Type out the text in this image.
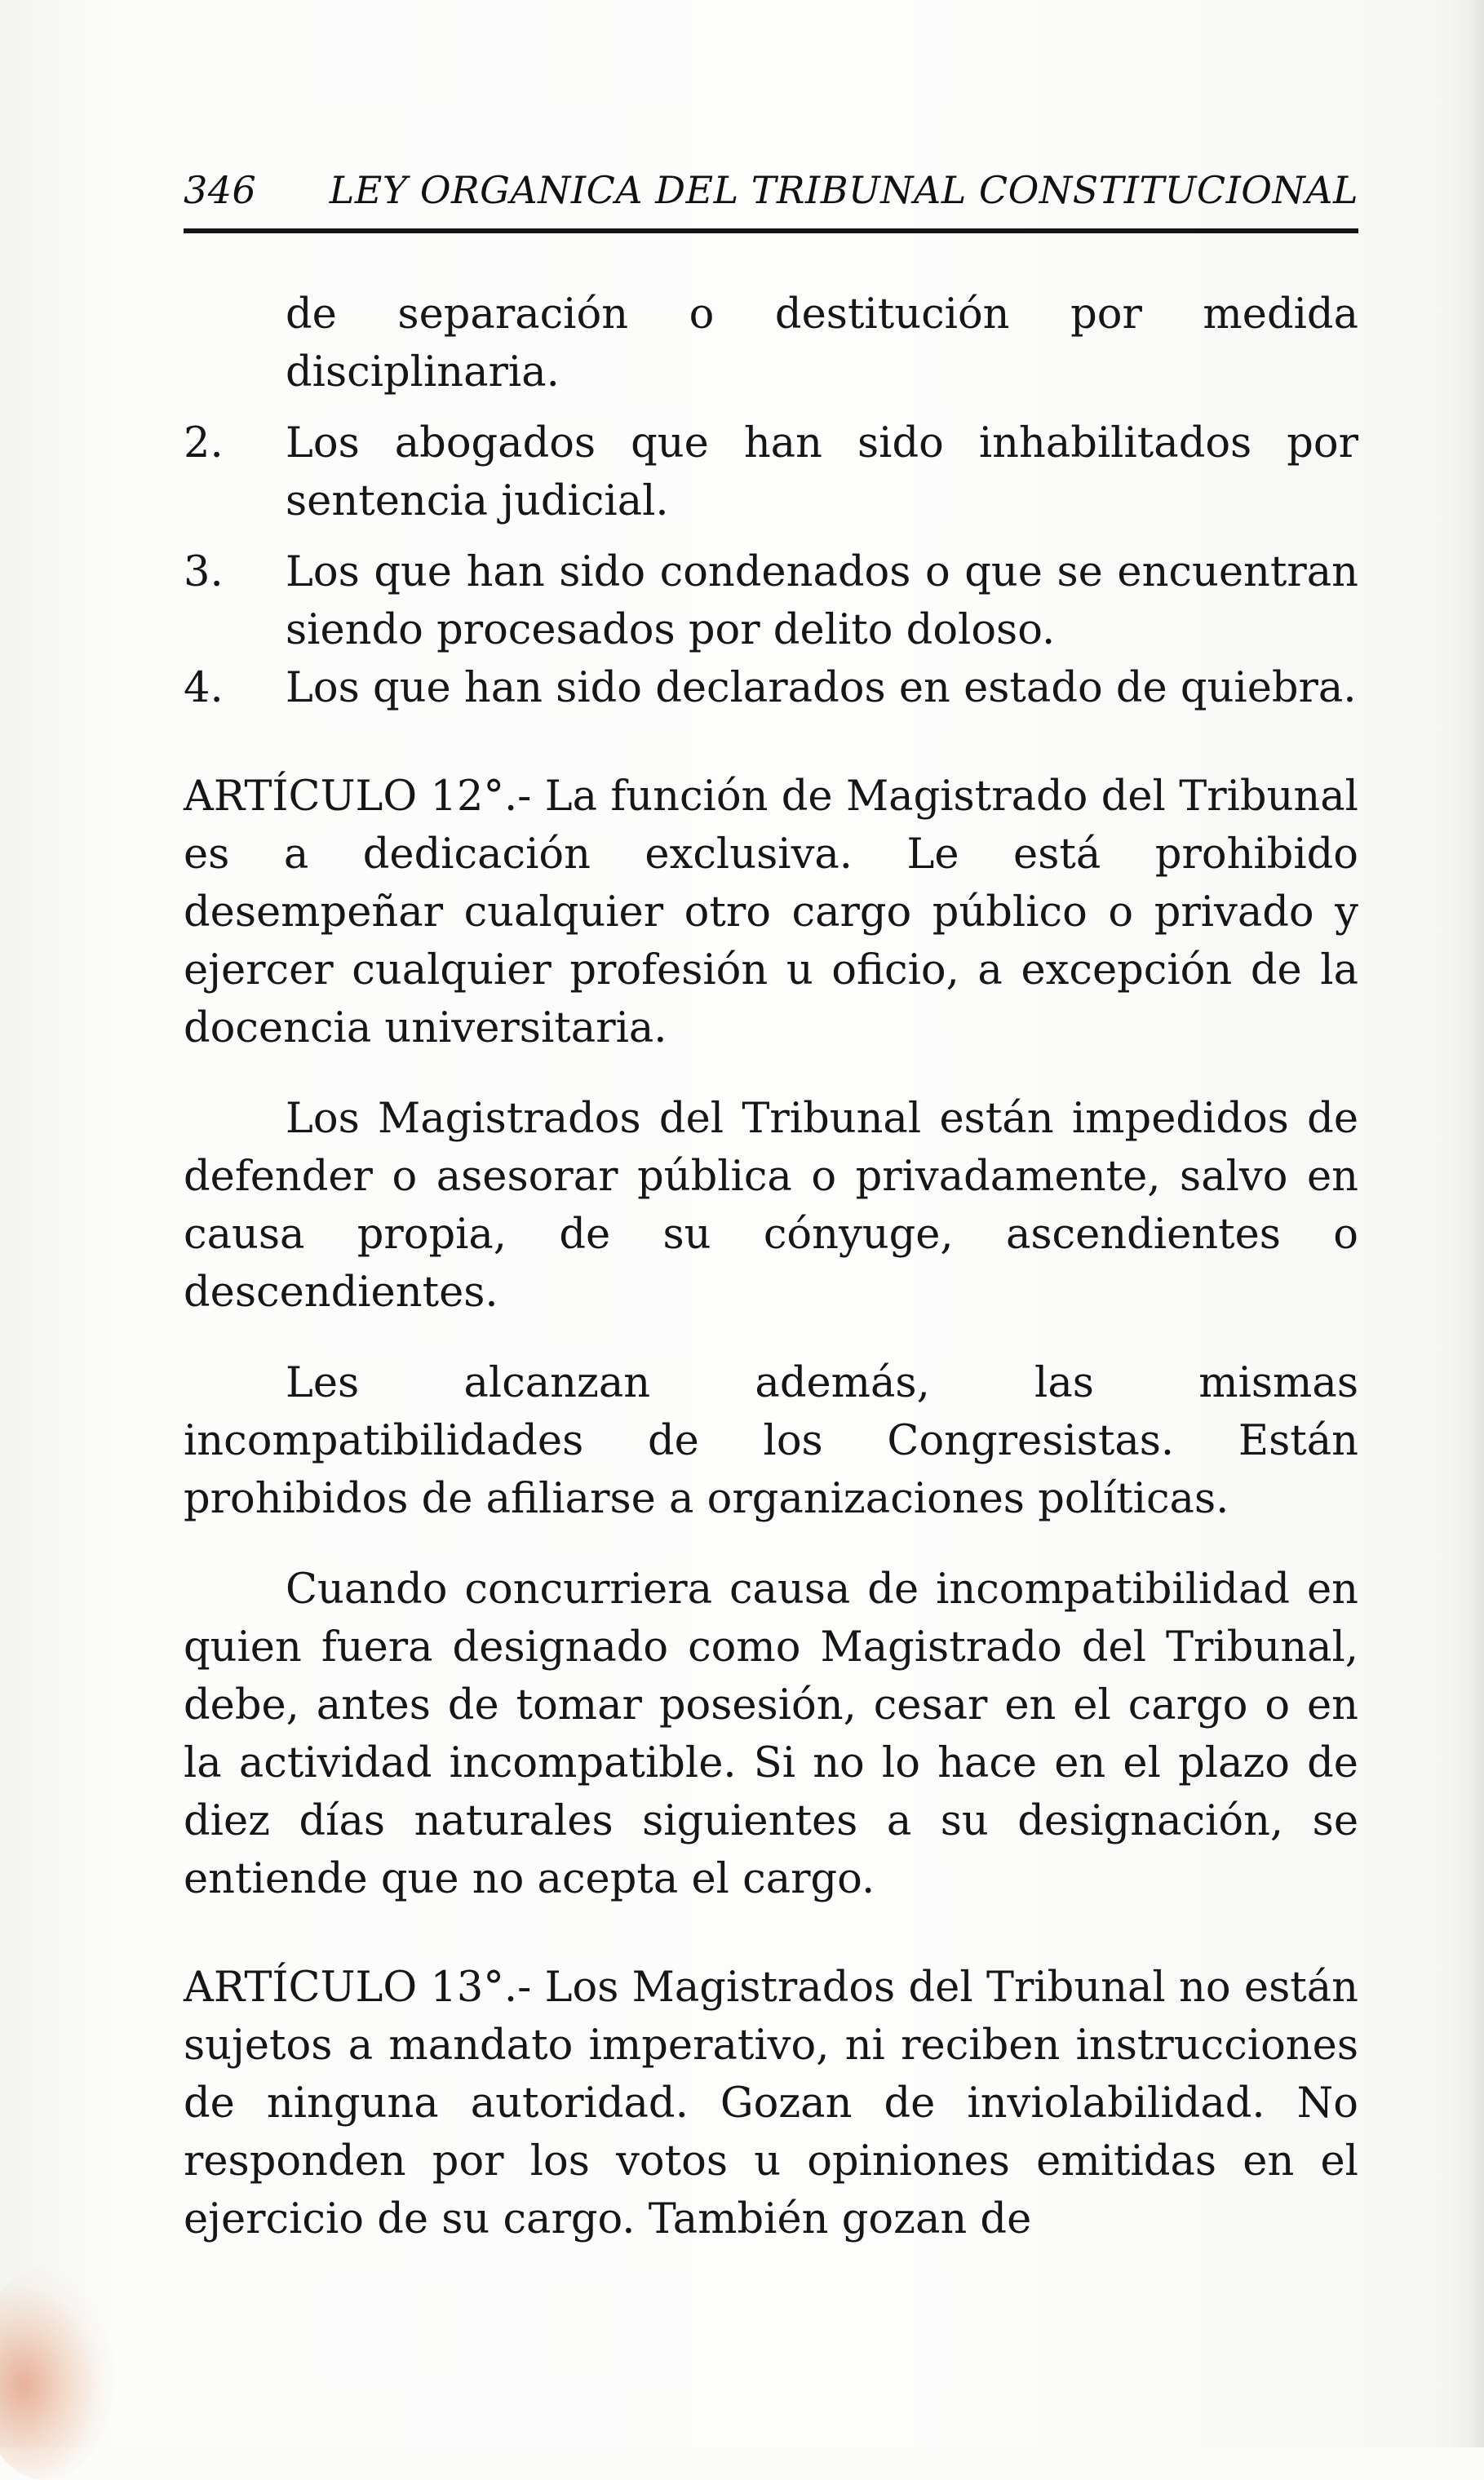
346 LEY ORGANICA DEL TRIBUNAL CONSTITUCIONAL

de separación o destitución por medida disciplinaria.

2. Los abogados que han sido inhabilitados por sentencia judicial.

3. Los que han sido condenados o que se encuentran siendo procesados por delito doloso.

4. Los que han sido declarados en estado de quiebra.

ARTÍCULO 12°.- La función de Magistrado del Tribunal es a dedicación exclusiva. Le está prohibido desempeñar cualquier otro cargo público o privado y ejercer cualquier profesión u oficio, a excepción de la docencia universitaria.

Los Magistrados del Tribunal están impedidos de defender o asesorar pública o privadamente, salvo en causa propia, de su cónyuge, ascendientes o descendientes.

Les alcanzan además, las mismas incompatibilidades de los Congresistas. Están prohibidos de afiliarse a organizaciones políticas.

Cuando concurriera causa de incompatibilidad en quien fuera designado como Magistrado del Tribunal, debe, antes de tomar posesión, cesar en el cargo o en la actividad incompatible. Si no lo hace en el plazo de diez días naturales siguientes a su designación, se entiende que no acepta el cargo.

ARTÍCULO 13°.- Los Magistrados del Tribunal no están sujetos a mandato imperativo, ni reciben instrucciones de ninguna autoridad. Gozan de inviolabilidad. No responden por los votos u opiniones emitidas en el ejercicio de su cargo. También gozan de
